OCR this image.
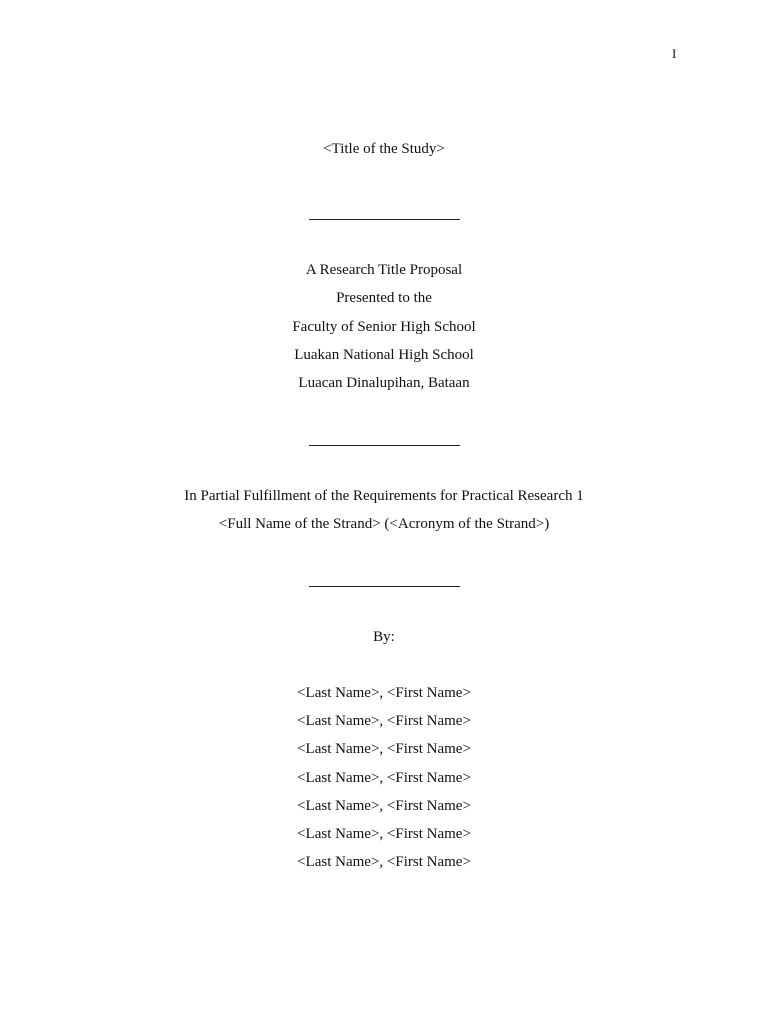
I
<Title of the Study>
A Research Title Proposal
Presented to the
Faculty of Senior High School
Luakan National High School
Luacan Dinalupihan, Bataan
In Partial Fulfillment of the Requirements for Practical Research 1
<Full Name of the Strand> (<Acronym of the Strand>)
By:
<Last Name>, <First Name>
<Last Name>, <First Name>
<Last Name>, <First Name>
<Last Name>, <First Name>
<Last Name>, <First Name>
<Last Name>, <First Name>
<Last Name>, <First Name>
